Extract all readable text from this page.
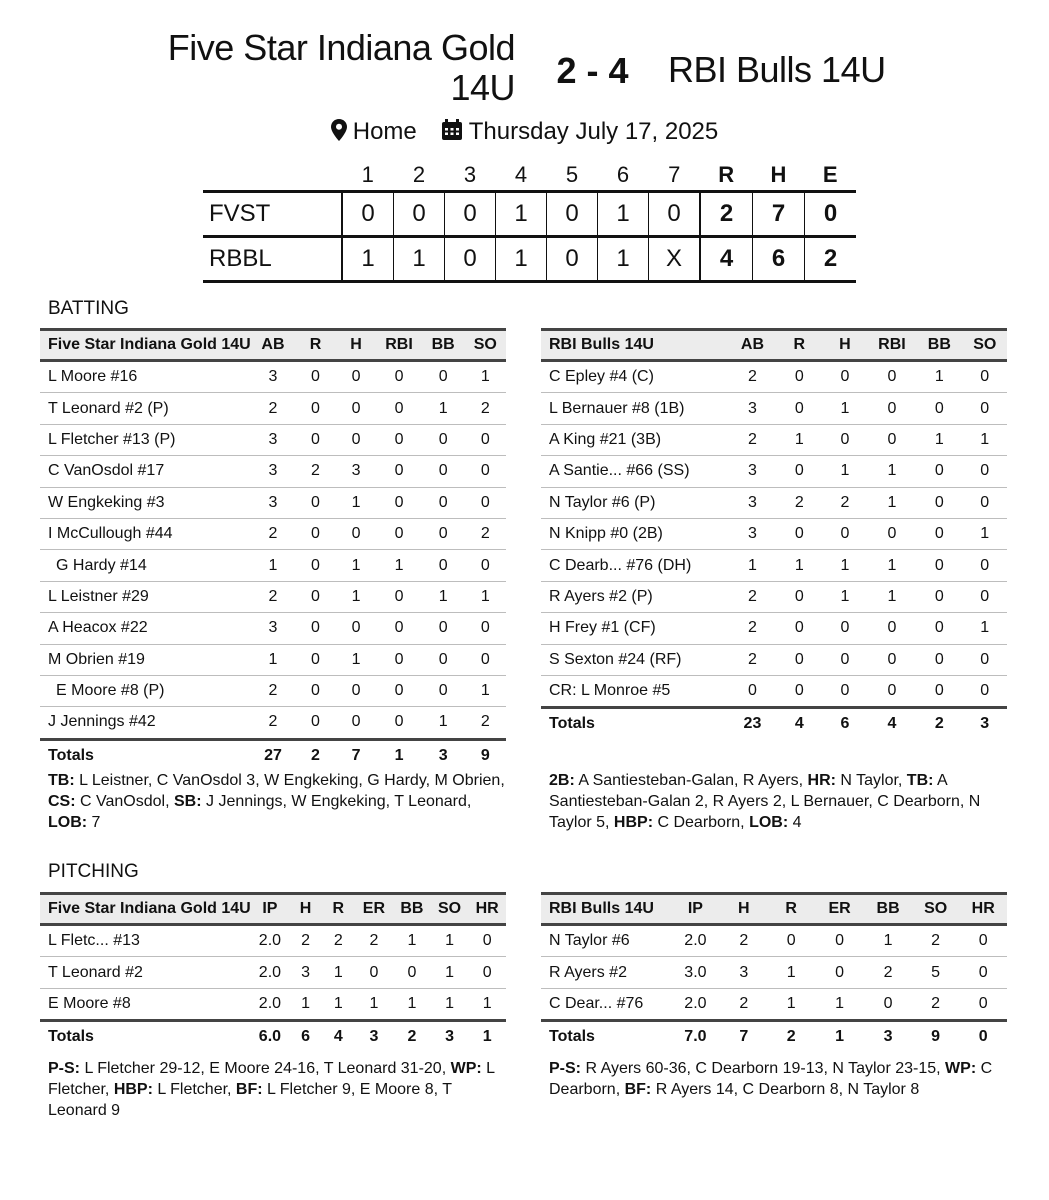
Five Star Indiana Gold 14U	2 - 4	RBI Bulls 14U
Home Thursday July 17, 2025
	1	2	3	4	5	6	7	R	H	E
FVST	0	0	0	1	0	1	0	2	7	0
RBBL	1	1	0	1	0	1	X	4	6	2
BATTING
Five Star Indiana Gold 14U	AB	R	H	RBI	BB	SO
L Moore #16	3	0	0	0	0	1
T Leonard #2 (P)	2	0	0	0	1	2
L Fletcher #13 (P)	3	0	0	0	0	0
C VanOsdol #17	3	2	3	0	0	0
W Engkeking #3	3	0	1	0	0	0
I McCullough #44	2	0	0	0	0	2
G Hardy #14	1	0	1	1	0	0
L Leistner #29	2	0	1	0	1	1
A Heacox #22	3	0	0	0	0	0
M Obrien #19	1	0	1	0	0	0
E Moore #8 (P)	2	0	0	0	0	1
J Jennings #42	2	0	0	0	1	2
Totals	27	2	7	1	3	9
RBI Bulls 14U	AB	R	H	RBI	BB	SO
C Epley #4 (C)	2	0	0	0	1	0
L Bernauer #8 (1B)	3	0	1	0	0	0
A King #21 (3B)	2	1	0	0	1	1
A Santie... #66 (SS)	3	0	1	1	0	0
N Taylor #6 (P)	3	2	2	1	0	0
N Knipp #0 (2B)	3	0	0	0	0	1
C Dearb... #76 (DH)	1	1	1	1	0	0
R Ayers #2 (P)	2	0	1	1	0	0
H Frey #1 (CF)	2	0	0	0	0	1
S Sexton #24 (RF)	2	0	0	0	0	0
CR: L Monroe #5	0	0	0	0	0	0
Totals	23	4	6	4	2	3
TB: L Leistner, C VanOsdol 3, W Engkeking, G Hardy, M Obrien, CS: C VanOsdol, SB: J Jennings, W Engkeking, T Leonard, LOB: 7
2B: A Santiesteban-Galan, R Ayers, HR: N Taylor, TB: A Santiesteban-Galan 2, R Ayers 2, L Bernauer, C Dearborn, N Taylor 5, HBP: C Dearborn, LOB: 4
PITCHING
Five Star Indiana Gold 14U	IP	H	R	ER	BB	SO	HR
L Fletc... #13	2.0	2	2	2	1	1	0
T Leonard #2	2.0	3	1	0	0	1	0
E Moore #8	2.0	1	1	1	1	1	1
Totals	6.0	6	4	3	2	3	1
RBI Bulls 14U	IP	H	R	ER	BB	SO	HR
N Taylor #6	2.0	2	0	0	1	2	0
R Ayers #2	3.0	3	1	0	2	5	0
C Dear... #76	2.0	2	1	1	0	2	0
Totals	7.0	7	2	1	3	9	0
P-S: L Fletcher 29-12, E Moore 24-16, T Leonard 31-20, WP: L Fletcher, HBP: L Fletcher, BF: L Fletcher 9, E Moore 8, T Leonard 9
P-S: R Ayers 60-36, C Dearborn 19-13, N Taylor 23-15, WP: C Dearborn, BF: R Ayers 14, C Dearborn 8, N Taylor 8
